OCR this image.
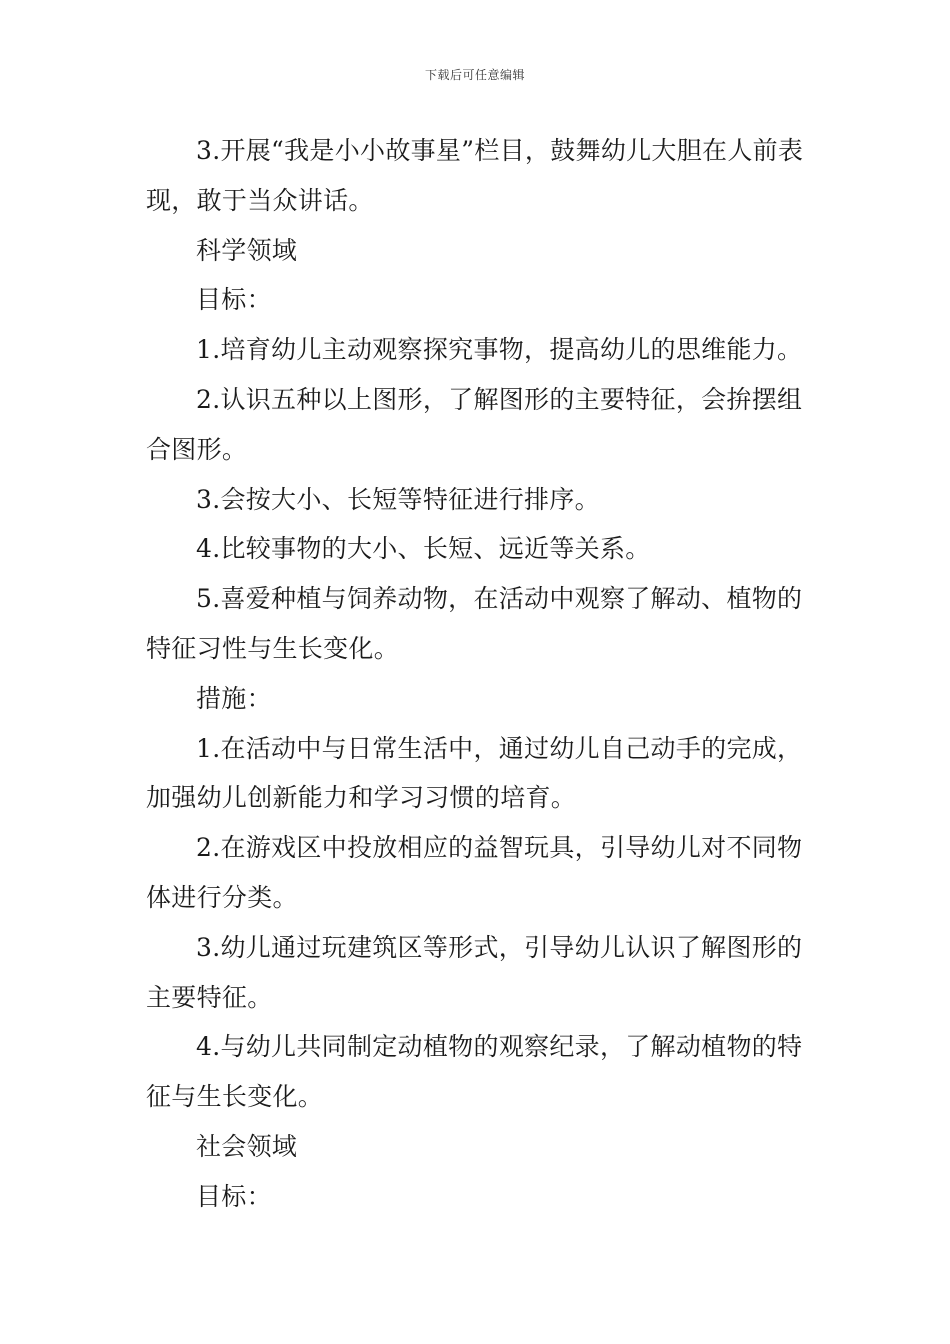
下载后可任意编辑

3.开展“我是小小故事星”栏目，鼓舞幼儿大胆在人前表现，敢于当众讲话。

科学领域

目标：

1.培育幼儿主动观察探究事物，提高幼儿的思维能力。

2.认识五种以上图形，了解图形的主要特征，会拚摆组合图形。

3.会按大小、长短等特征进行排序。

4.比较事物的大小、长短、远近等关系。

5.喜爱种植与饲养动物，在活动中观察了解动、植物的特征习性与生长变化。

措施：

1.在活动中与日常生活中，通过幼儿自己动手的完成，加强幼儿创新能力和学习习惯的培育。

2.在游戏区中投放相应的益智玩具，引导幼儿对不同物体进行分类。

3.幼儿通过玩建筑区等形式，引导幼儿认识了解图形的主要特征。

4.与幼儿共同制定动植物的观察纪录，了解动植物的特征与生长变化。

社会领域

目标：
